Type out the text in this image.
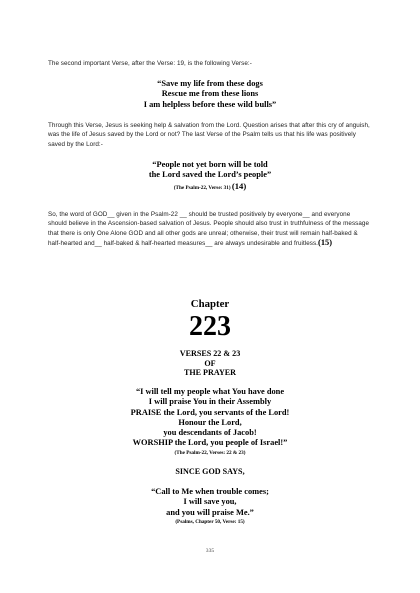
The second important Verse, after the Verse: 19, is the following Verse:-

“Save my life from these dogs
Rescue me from these lions
I am helpless before these wild bulls”

Through this Verse, Jesus is seeking help & salvation from the Lord. Question arises that after this cry of anguish, was the life of Jesus saved by the Lord or not? The last Verse of the Psalm tells us that his life was positively saved by the Lord:-

“People not yet born will be told
the Lord saved the Lord’s people”
(The Psalm-22, Verse: 31) (14)

So, the word of GOD__ given in the Psalm-22 __ should be trusted positively by everyone__ and everyone should believe in the Ascension-based salvation of Jesus. People should also trust in truthfulness of the message that there is only One Alone GOD and all other gods are unreal; otherwise, their trust will remain half-baked & half-hearted and__ half-baked & half-hearted measures__ are always undesirable and fruitless.(15)

Chapter
223
VERSES 22 & 23
OF
THE PRAYER
“I will tell my people what You have done
I will praise You in their Assembly
PRAISE the Lord, you servants of the Lord!
Honour the Lord,
you descendants of Jacob!
WORSHIP the Lord, you people of Israel!”
(The Psalm-22, Verses: 22 & 23)
SINCE GOD SAYS,
“Call to Me when trouble comes;
I will save you,
and you will praise Me.”
(Psalms, Chapter 50, Verse: 15)
335
